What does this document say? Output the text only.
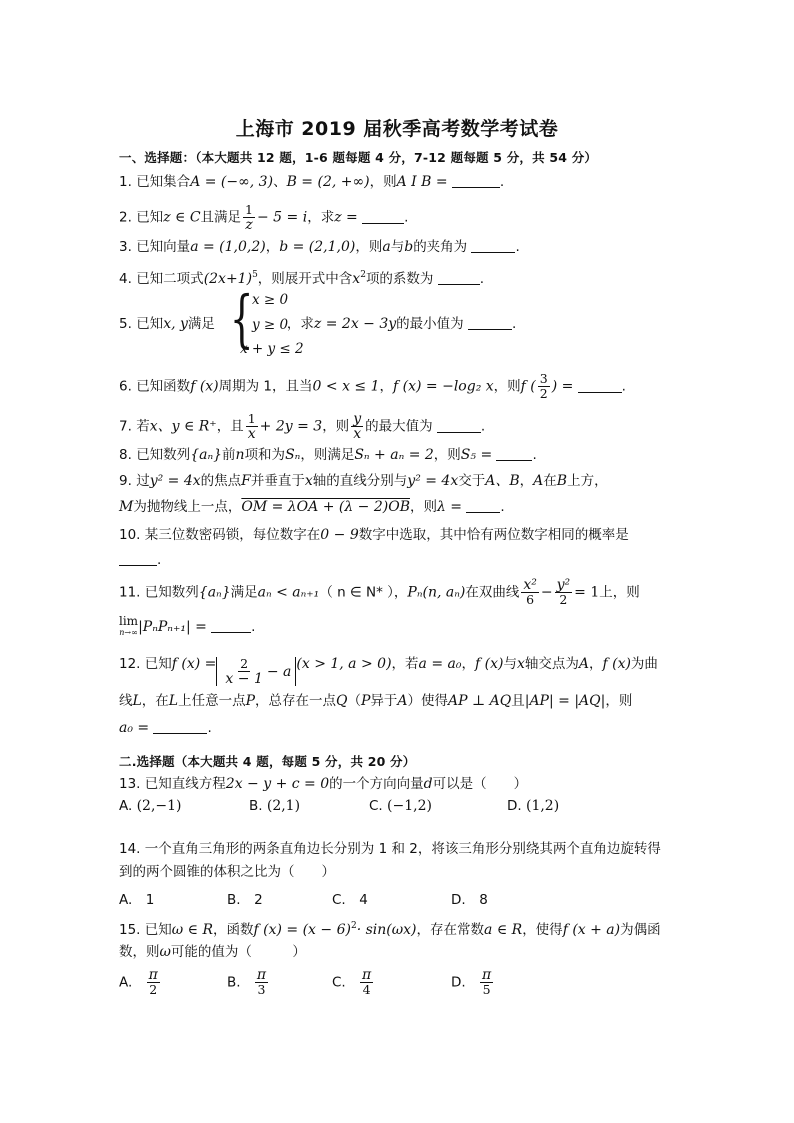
上海市 2019 届秋季高考数学考试卷
一、选择题：（本大题共 12 题，1-6 题每题 4 分，7-12 题每题 5 分，共 54 分）
1. 已知集合A = (−∞, 3)、B = (2, +∞)，则A I B =	.
2. 已知z ∈ C且满足 $\frac{1}{z} - 5 = i$，求z =	.
3. 已知向量a = (1,0,2)，b = (2,1,0)，则a与b的夹角为	.
4. 已知二项式$(2x+1)^5$，则展开式中含$x^2$项的系数为	.
5. 已知x, y满足	，求z = 2x − 3y的最小值为	.
{
x ≥ 0
y ≥ 0
x + y ≤ 2
6. 已知函数f (x)周期为 1，且当0 < x ≤ 1，f (x) = −log₂ x，则f ( $\frac{3}{2}$ ) =	.
7. 若x、y ∈ R⁺，且 $\frac{1}{x} + 2y = 3$，则 $\frac{y}{x}$ 的最大值为	.
8. 已知数列{aₙ}前n项和为Sₙ，则满足Sₙ + aₙ = 2，则S₅ =	.
9. 过y² = 4x的焦点F并垂直于x轴的直线分别与y² = 4x交于A、B，A在B上方，
M为抛物线上一点，OM = λOA + (λ − 2)OB，则λ =	.
10. 某三位数密码锁，每位数字在0 − 9数字中选取，其中恰有两位数字相同的概率是
.
11. 已知数列{aₙ}满足aₙ < aₙ₊₁（ n ∈ N* ），Pₙ(n, aₙ)在双曲线 $\frac{\text{x²}}{6} - \frac{\text{y²}}{2} = 1$上，则
lim
n→∞ |PₙPₙ₊₁| =	.
12. 已知f $(x) = \frac{2}{x - 1} - a$ (x > 1, a > 0)，若a = a₀，f (x)与x轴交点为A，f (x)为曲
线L，在L上任意一点P，总存在一点Q（P异于A）使得AP ⊥ AQ且|AP| = |AQ|，则
a₀ =	.
二.选择题（本大题共 4 题，每题 5 分，共 20 分）
13. 已知直线方程2x − y + c = 0的一个方向向量d可以是（　　）
A. (2,−1)	B. (2,1)	C. (−1,2)	D. (1,2)
14. 一个直角三角形的两条直角边长分别为 1 和 2，将该三角形分别绕其两个直角边旋转得
到的两个圆锥的体积之比为（　　）
A.　 1	B.　 2	C.　 4	D.　 8
15. 已知ω ∈ R，函数f $(x) = (x - 6)^2\cdot \sin(\omega x)$，存在常数a ∈ R，使得f (x + a)为偶函
数，则ω可能的值为（　　　）
A. $\frac{\pi}{2}$	B. $\frac{\pi}{3}$	C. $\frac{\pi}{4}$	D. $\frac{\pi}{5}$
